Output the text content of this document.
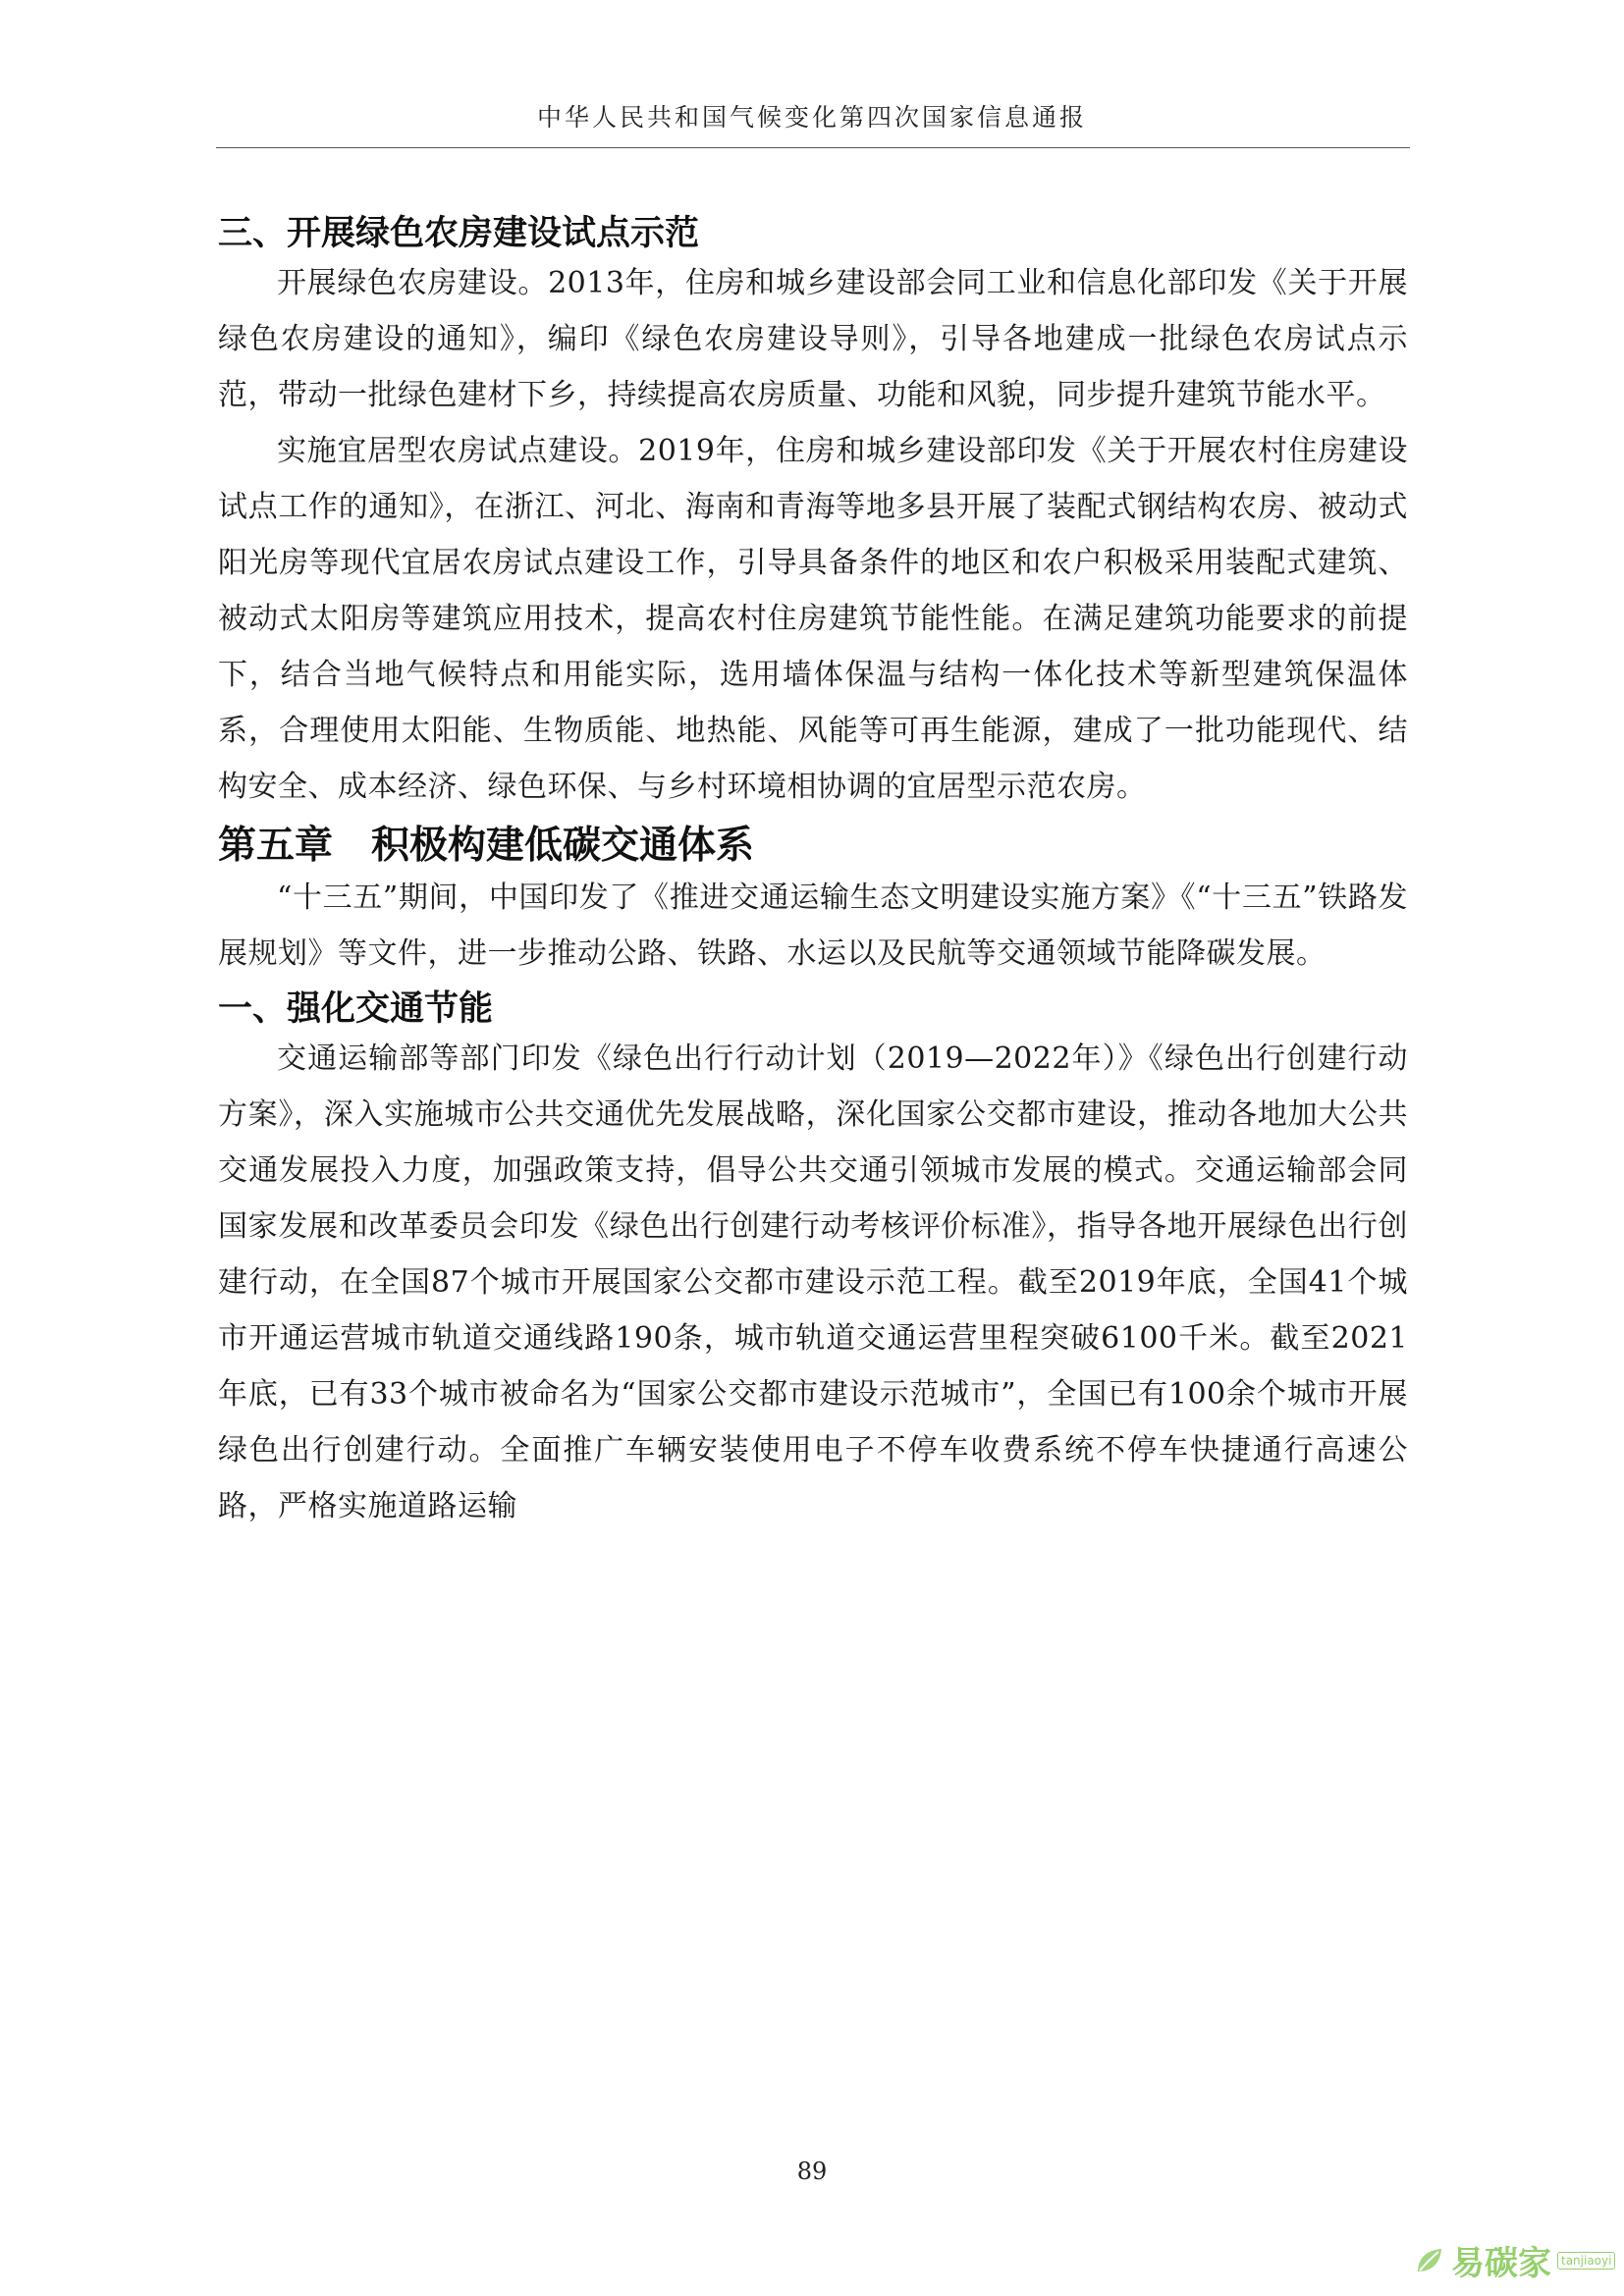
中华人民共和国气候变化第四次国家信息通报
三、开展绿色农房建设试点示范

开展绿色农房建设。2013年，住房和城乡建设部会同工业和信息化部印发《关于开展绿色农房建设的通知》，编印《绿色农房建设导则》，引导各地建成一批绿色农房试点示范，带动一批绿色建材下乡，持续提高农房质量、功能和风貌，同步提升建筑节能水平。

实施宜居型农房试点建设。2019年，住房和城乡建设部印发《关于开展农村住房建设试点工作的通知》，在浙江、河北、海南和青海等地多县开展了装配式钢结构农房、被动式阳光房等现代宜居农房试点建设工作，引导具备条件的地区和农户积极采用装配式建筑、被动式太阳房等建筑应用技术，提高农村住房建筑节能性能。在满足建筑功能要求的前提下，结合当地气候特点和用能实际，选用墙体保温与结构一体化技术等新型建筑保温体系，合理使用太阳能、生物质能、地热能、风能等可再生能源，建成了一批功能现代、结构安全、成本经济、绿色环保、与乡村环境相协调的宜居型示范农房。

第五章　积极构建低碳交通体系

“十三五”期间，中国印发了《推进交通运输生态文明建设实施方案》《“十三五”铁路发展规划》等文件，进一步推动公路、铁路、水运以及民航等交通领域节能降碳发展。

一、强化交通节能

交通运输部等部门印发《绿色出行行动计划（2019—2022年）》《绿色出行创建行动方案》，深入实施城市公共交通优先发展战略，深化国家公交都市建设，推动各地加大公共交通发展投入力度，加强政策支持，倡导公共交通引领城市发展的模式。交通运输部会同国家发展和改革委员会印发《绿色出行创建行动考核评价标准》，指导各地开展绿色出行创建行动，在全国87个城市开展国家公交都市建设示范工程。截至2019年底，全国41个城市开通运营城市轨道交通线路190条，城市轨道交通运营里程突破6100千米。截至2021年底，已有33个城市被命名为“国家公交都市建设示范城市”，全国已有100余个城市开展绿色出行创建行动。全面推广车辆安装使用电子不停车收费系统不停车快捷通行高速公路，严格实施道路运输

89
易碳家 tanjiaoyi
